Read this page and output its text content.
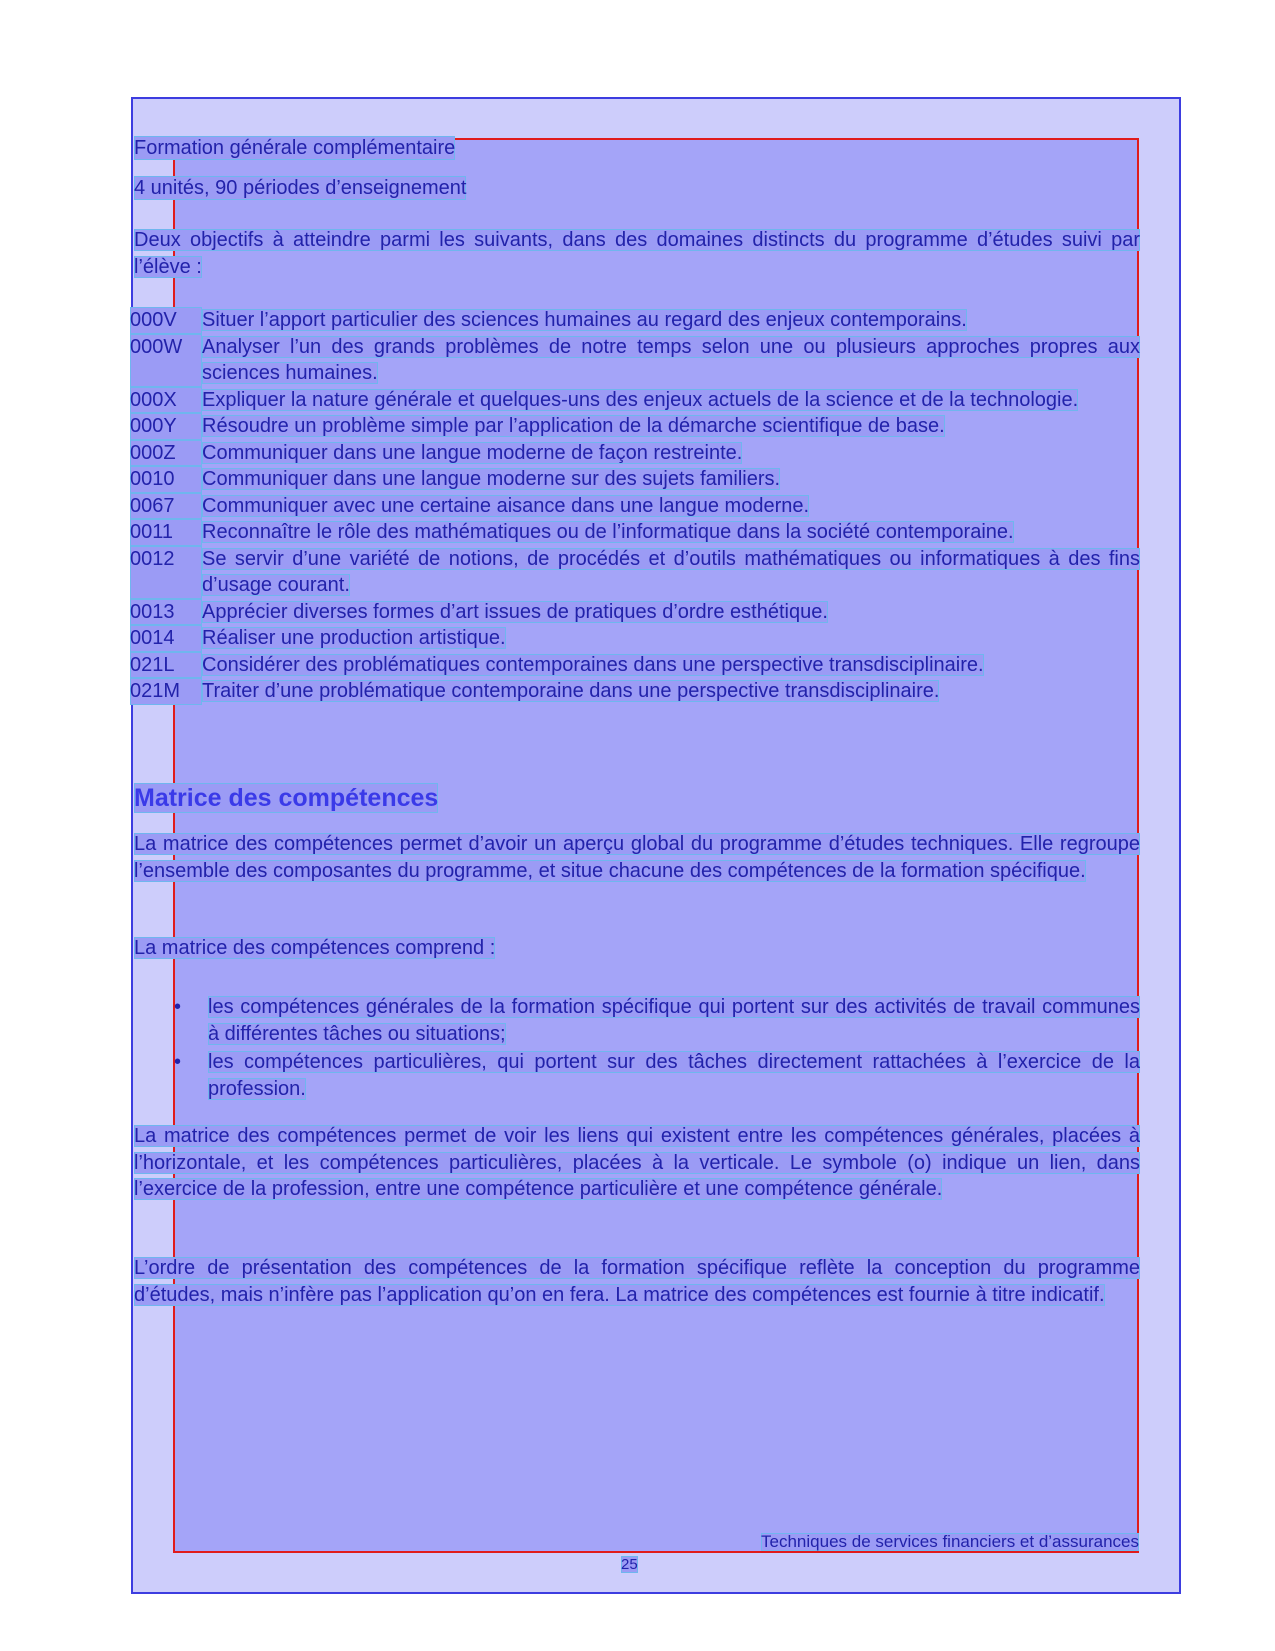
Formation générale complémentaire
4 unités, 90 périodes d’enseignement
Deux objectifs à atteindre parmi les suivants, dans des domaines distincts du programme d’études suivi par l’élève :
000V	Situer l’apport particulier des sciences humaines au regard des enjeux contemporains.
000W Analyser l’un des grands problèmes de notre temps selon une ou plusieurs approches propres aux sciences humaines.
000X	Expliquer la nature générale et quelques-uns des enjeux actuels de la science et de la technologie.
000Y	Résoudre un problème simple par l’application de la démarche scientifique de base.
000Z	Communiquer dans une langue moderne de façon restreinte.
0010	Communiquer dans une langue moderne sur des sujets familiers.
0067	Communiquer avec une certaine aisance dans une langue moderne.
0011	Reconnaître le rôle des mathématiques ou de l’informatique dans la société contemporaine.
0012	Se servir d’une variété de notions, de procédés et d’outils mathématiques ou informatiques à des fins d’usage courant.
0013	Apprécier diverses formes d’art issues de pratiques d’ordre esthétique.
0014	Réaliser une production artistique.
021L	Considérer des problématiques contemporaines dans une perspective transdisciplinaire.
021M	Traiter d’une problématique contemporaine dans une perspective transdisciplinaire.
Matrice des compétences
La matrice des compétences permet d’avoir un aperçu global du programme d’études techniques. Elle regroupe l’ensemble des composantes du programme, et situe chacune des compétences de la formation spécifique.
La matrice des compétences comprend :
•	les compétences générales de la formation spécifique qui portent sur des activités de travail communes à différentes tâches ou situations;
•	les compétences particulières, qui portent sur des tâches directement rattachées à l’exercice de la profession.
La matrice des compétences permet de voir les liens qui existent entre les compétences générales, placées à l’horizontale, et les compétences particulières, placées à la verticale. Le symbole (o) indique un lien, dans l’exercice de la profession, entre une compétence particulière et une compétence générale.
L’ordre de présentation des compétences de la formation spécifique reflète la conception du programme d’études, mais n’infère pas l’application qu’on en fera. La matrice des compétences est fournie à titre indicatif.
Techniques de services financiers et d’assurances
25
